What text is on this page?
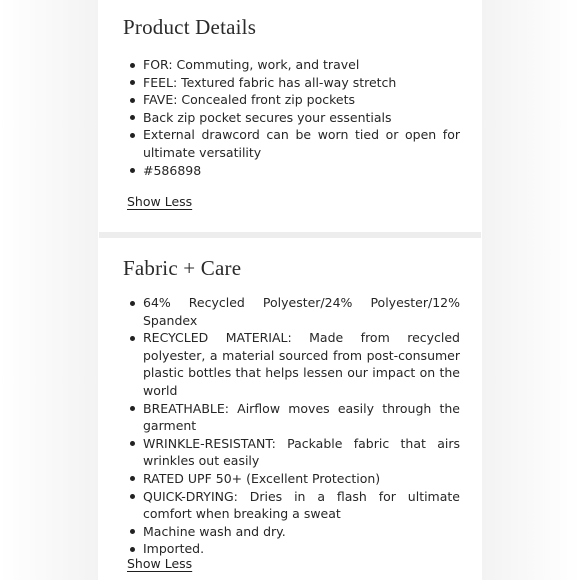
Product Details
FOR: Commuting, work, and travel
FEEL: Textured fabric has all-way stretch
FAVE: Concealed front zip pockets
Back zip pocket secures your essentials
External drawcord can be worn tied or open for ultimate versatility
#586898
Show Less
Fabric + Care
64% Recycled Polyester/24% Polyester/12% Spandex
RECYCLED MATERIAL: Made from recycled polyester, a material sourced from post-consumer plastic bottles that helps lessen our impact on the world
BREATHABLE: Airflow moves easily through the garment
WRINKLE-RESISTANT: Packable fabric that airs wrinkles out easily
RATED UPF 50+ (Excellent Protection)
QUICK-DRYING: Dries in a flash for ultimate comfort when breaking a sweat
Machine wash and dry.
Imported.
Show Less
